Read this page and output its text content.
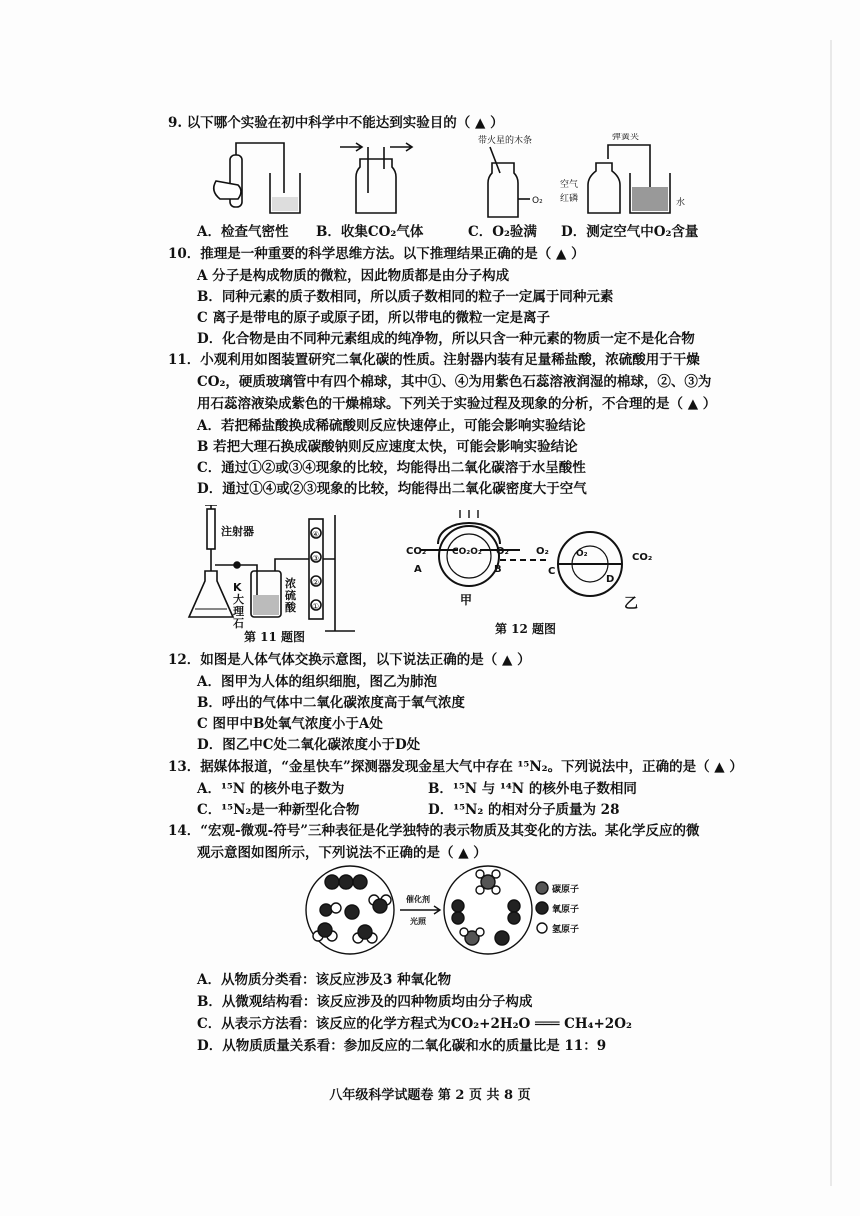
9. 以下哪个实验在初中科学中不能达到实验目的（ ▲ ）
带火星的木条
O₂
弹簧夹
空气
红磷	水
A．检查气密性 B．收集CO₂气体	C．O₂验满 D．测定空气中O₂含量
10．推理是一种重要的科学思维方法。以下推理结果正确的是（ ▲ ）
A 分子是构成物质的微粒，因此物质都是由分子构成
B．同种元素的质子数相同，所以质子数相同的粒子一定属于同种元素
C 离子是带电的原子或原子团，所以带电的微粒一定是离子
D．化合物是由不同种元素组成的纯净物，所以只含一种元素的物质一定不是化合物
11．小观利用如图装置研究二氧化碳的性质。注射器内装有足量稀盐酸，浓硫酸用于干燥
CO₂，硬质玻璃管中有四个棉球，其中①、④为用紫色石蕊溶液润湿的棉球，②、③为
用石蕊溶液染成紫色的干燥棉球。下列关于实验过程及现象的分析，不合理的是（ ▲ ）
A．若把稀盐酸换成稀硫酸则反应快速停止，可能会影响实验结论
B 若把大理石换成碳酸钠则反应速度太快，可能会影响实验结论
C．通过①②或③④现象的比较，均能得出二氧化碳溶于水呈酸性
D．通过①④或②③现象的比较，均能得出二氧化碳密度大于空气
注射器
K
大
理
石
浓
硫
酸
④
③
②
①
第 11 题图
CO₂	CO₂O₂ O₂	O₂	O₂	CO₂
A	B	C
D
甲	乙
第 12 题图
12．如图是人体气体交换示意图，以下说法正确的是（ ▲ ）
A．图甲为人体的组织细胞，图乙为肺泡
B．呼出的气体中二氧化碳浓度高于氧气浓度
C 图甲中B处氧气浓度小于A处
D．图乙中C处二氧化碳浓度小于D处
13．据媒体报道，“金星快车”探测器发现金星大气中存在 ¹⁵N₂。下列说法中，正确的是（ ▲ ）
A．¹⁵N 的核外电子数为	B．¹⁵N 与 ¹⁴N 的核外电子数相同
C．¹⁵N₂是一种新型化合物	D．¹⁵N₂ 的相对分子质量为 28
14．“宏观-微观-符号”三种表征是化学独特的表示物质及其变化的方法。某化学反应的微
观示意图如图所示，下列说法不正确的是（ ▲ ）
催化剂
光照
碳原子
氧原子
氢原子
A．从物质分类看：该反应涉及3 种氧化物
B．从微观结构看：该反应涉及的四种物质均由分子构成
C．从表示方法看：该反应的化学方程式为CO₂+2H₂O ═══ CH₄+2O₂
D．从物质质量关系看：参加反应的二氧化碳和水的质量比是 11：9
八年级科学试题卷 第 2 页 共 8 页
